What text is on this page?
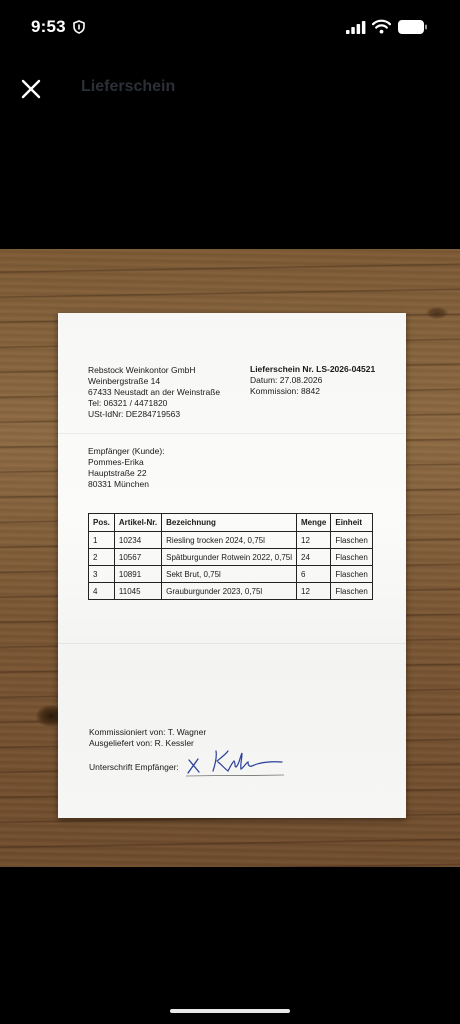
9:53
Lieferschein
Rebstock Weinkontor GmbH
Weinbergstraße 14
67433 Neustadt an der Weinstraße
Tel: 06321 / 4471820
USt-IdNr: DE284719563
Lieferschein Nr. LS-2026-04521
Datum: 27.08.2026
Kommission: 8842
Empfänger (Kunde):
Pommes-Erika
Hauptstraße 22
80331 München
Pos.	Artikel-Nr.	Bezeichnung	Menge	Einheit
1	10234	Riesling trocken 2024, 0,75l	12	Flaschen
2	10567	Spätburgunder Rotwein 2022, 0,75l	24	Flaschen
3	10891	Sekt Brut, 0,75l	6	Flaschen
4	11045	Grauburgunder 2023, 0,75l	12	Flaschen
Kommissioniert von: T. Wagner
Ausgeliefert von: R. Kessler
Unterschrift Empfänger:
